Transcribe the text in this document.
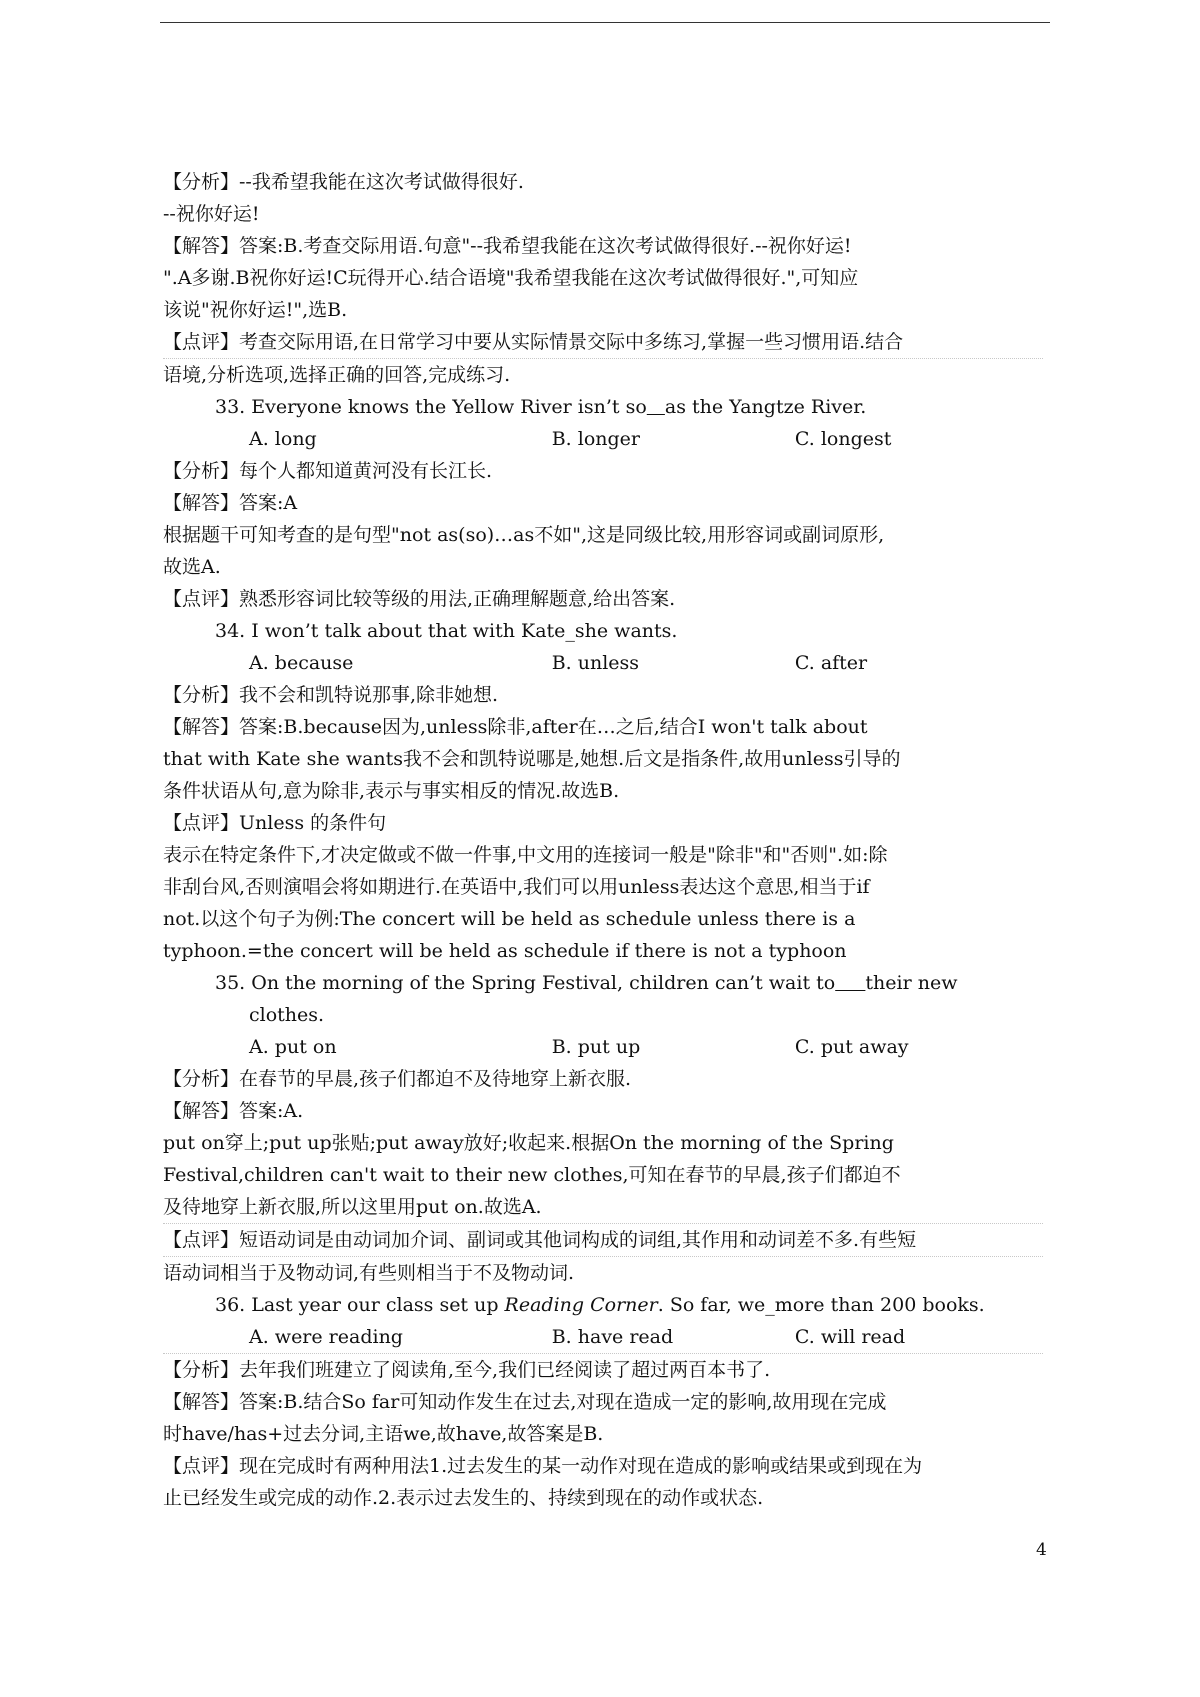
【分析】--我希望我能在这次考试做得很好.
--祝你好运!
【解答】答案:B.考查交际用语.句意"--我希望我能在这次考试做得很好.--祝你好运!
".A多谢.B祝你好运!C玩得开心.结合语境"我希望我能在这次考试做得很好.",可知应
该说"祝你好运!",选B.
【点评】考查交际用语,在日常学习中要从实际情景交际中多练习,掌握一些习惯用语.结合
语境,分析选项,选择正确的回答,完成练习.
33. Everyone knows the Yellow River isn’t so as the Yangtze River.
A. long	B. longer	C. longest
【分析】每个人都知道黄河没有长江长.
【解答】答案:A
根据题干可知考查的是句型"not as(so)…as不如",这是同级比较,用形容词或副词原形,
故选A.
【点评】熟悉形容词比较等级的用法,正确理解题意,给出答案.
34. I won’t talk about that with Kate_she wants.
A. because	B. unless	C. after
【分析】我不会和凯特说那事,除非她想.
【解答】答案:B.because因为,unless除非,after在…之后,结合I won't talk about
that with Kate she wants我不会和凯特说哪是,她想.后文是指条件,故用unless引导的
条件状语从句,意为除非,表示与事实相反的情况.故选B.
【点评】Unless 的条件句
表示在特定条件下,才决定做或不做一件事,中文用的连接词一般是"除非"和"否则".如:除
非刮台风,否则演唱会将如期进行.在英语中,我们可以用unless表达这个意思,相当于if
not.以这个句子为例:The concert will be held as schedule unless there is a
typhoon.=the concert will be held as schedule if there is not a typhoon
35. On the morning of the Spring Festival, children can’t wait to their new
clothes.
A. put on	B. put up	C. put away
【分析】在春节的早晨,孩子们都迫不及待地穿上新衣服.
【解答】答案:A.
put on穿上;put up张贴;put away放好;收起来.根据On the morning of the Spring
Festival,children can't wait to their new clothes,可知在春节的早晨,孩子们都迫不
及待地穿上新衣服,所以这里用put on.故选A.
【点评】短语动词是由动词加介词、副词或其他词构成的词组,其作用和动词差不多.有些短
语动词相当于及物动词,有些则相当于不及物动词.
36. Last year our class set up Reading Corner. So far, we_more than 200 books.
A. were reading	B. have read	C. will read
【分析】去年我们班建立了阅读角,至今,我们已经阅读了超过两百本书了.
【解答】答案:B.结合So far可知动作发生在过去,对现在造成一定的影响,故用现在完成
时have/has+过去分词,主语we,故have,故答案是B.
【点评】现在完成时有两种用法1.过去发生的某一动作对现在造成的影响或结果或到现在为
止已经发生或完成的动作.2.表示过去发生的、持续到现在的动作或状态.
4
